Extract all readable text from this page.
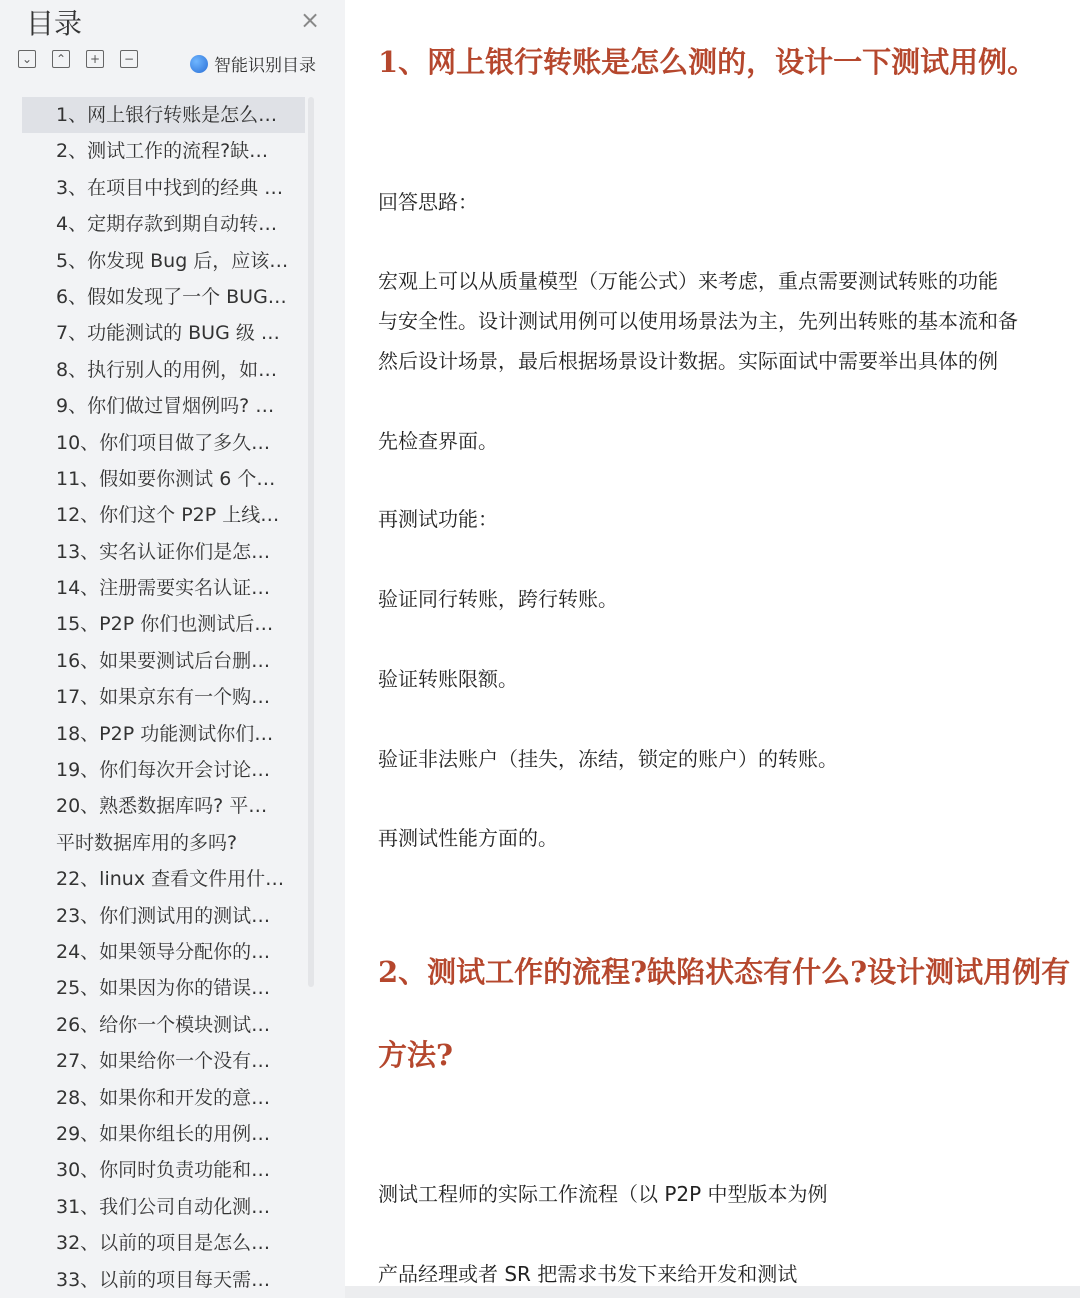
目录	×
⌄	⌃	+	−	智能识别目录
1、网上银行转账是怎么…
2、测试工作的流程?缺…
3、在项目中找到的经典 …
4、定期存款到期自动转…
5、你发现 Bug 后，应该…
6、假如发现了一个 BUG…
7、功能测试的 BUG 级 …
8、执行别人的用例，如…
9、你们做过冒烟例吗? …
10、你们项目做了多久…
11、假如要你测试 6 个…
12、你们这个 P2P 上线…
13、实名认证你们是怎…
14、注册需要实名认证…
15、P2P 你们也测试后…
16、如果要测试后台删…
17、如果京东有一个购…
18、P2P 功能测试你们…
19、你们每次开会讨论…
20、熟悉数据库吗? 平…
平时数据库用的多吗?
22、linux 查看文件用什…
23、你们测试用的测试…
24、如果领导分配你的…
25、如果因为你的错误…
26、给你一个模块测试…
27、如果给你一个没有…
28、如果你和开发的意…
29、如果你组长的用例…
30、你同时负责功能和…
31、我们公司自动化测…
32、以前的项目是怎么…
33、以前的项目每天需…
1、网上银行转账是怎么测的，设计一下测试用例。
回答思路：
宏观上可以从质量模型（万能公式）来考虑，重点需要测试转账的功能
与安全性。设计测试用例可以使用场景法为主，先列出转账的基本流和备
然后设计场景，最后根据场景设计数据。实际面试中需要举出具体的例
先检查界面。
再测试功能：
验证同行转账，跨行转账。
验证转账限额。
验证非法账户（挂失，冻结，锁定的账户）的转账。
再测试性能方面的。
2、测试工作的流程?缺陷状态有什么?设计测试用例有
方法?
测试工程师的实际工作流程（以 P2P 中型版本为例
产品经理或者 SR 把需求书发下来给开发和测试
